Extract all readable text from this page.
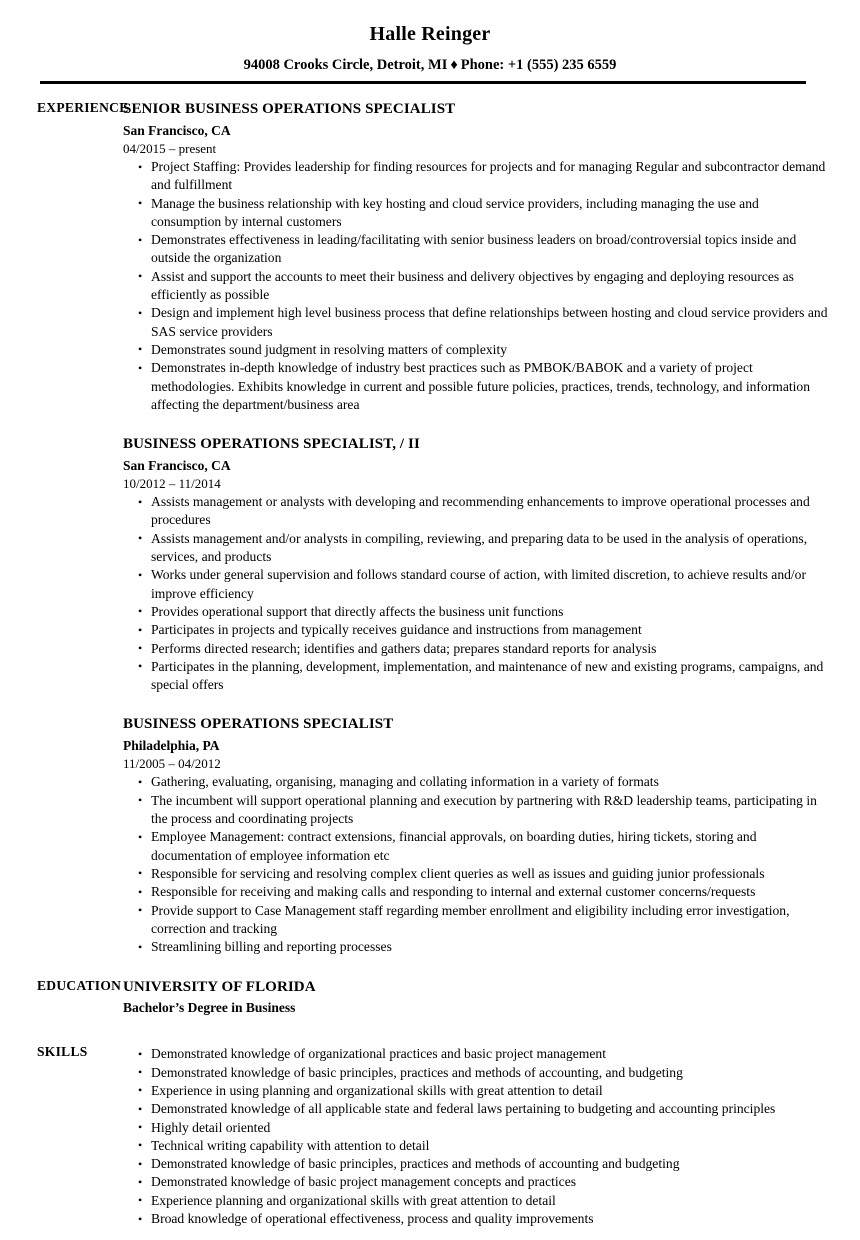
Halle Reinger
94008 Crooks Circle, Detroit, MI ♦ Phone: +1 (555) 235 6559
EXPERIENCE
SENIOR BUSINESS OPERATIONS SPECIALIST
San Francisco, CA
04/2015 – present
• Project Staffing: Provides leadership for finding resources for projects and for managing Regular and subcontractor demand and fulfillment
• Manage the business relationship with key hosting and cloud service providers, including managing the use and consumption by internal customers
• Demonstrates effectiveness in leading/facilitating with senior business leaders on broad/controversial topics inside and outside the organization
• Assist and support the accounts to meet their business and delivery objectives by engaging and deploying resources as efficiently as possible
• Design and implement high level business process that define relationships between hosting and cloud service providers and SAS service providers
• Demonstrates sound judgment in resolving matters of complexity
• Demonstrates in-depth knowledge of industry best practices such as PMBOK/BABOK and a variety of project methodologies. Exhibits knowledge in current and possible future policies, practices, trends, technology, and information affecting the department/business area
BUSINESS OPERATIONS SPECIALIST, / II
San Francisco, CA
10/2012 – 11/2014
• Assists management or analysts with developing and recommending enhancements to improve operational processes and procedures
• Assists management and/or analysts in compiling, reviewing, and preparing data to be used in the analysis of operations, services, and products
• Works under general supervision and follows standard course of action, with limited discretion, to achieve results and/or improve efficiency
• Provides operational support that directly affects the business unit functions
• Participates in projects and typically receives guidance and instructions from management
• Performs directed research; identifies and gathers data; prepares standard reports for analysis
• Participates in the planning, development, implementation, and maintenance of new and existing programs, campaigns, and special offers
BUSINESS OPERATIONS SPECIALIST
Philadelphia, PA
11/2005 – 04/2012
• Gathering, evaluating, organising, managing and collating information in a variety of formats
• The incumbent will support operational planning and execution by partnering with R&D leadership teams, participating in the process and coordinating projects
• Employee Management: contract extensions, financial approvals, on boarding duties, hiring tickets, storing and documentation of employee information etc
• Responsible for servicing and resolving complex client queries as well as issues and guiding junior professionals
• Responsible for receiving and making calls and responding to internal and external customer concerns/requests
• Provide support to Case Management staff regarding member enrollment and eligibility including error investigation, correction and tracking
• Streamlining billing and reporting processes
EDUCATION UNIVERSITY OF FLORIDA
Bachelor’s Degree in Business
SKILLS	• Demonstrated knowledge of organizational practices and basic project management
• Demonstrated knowledge of basic principles, practices and methods of accounting, and budgeting
• Experience in using planning and organizational skills with great attention to detail
• Demonstrated knowledge of all applicable state and federal laws pertaining to budgeting and accounting principles
• Highly detail oriented
• Technical writing capability with attention to detail
• Demonstrated knowledge of basic principles, practices and methods of accounting and budgeting
• Demonstrated knowledge of basic project management concepts and practices
• Experience planning and organizational skills with great attention to detail
• Broad knowledge of operational effectiveness, process and quality improvements
